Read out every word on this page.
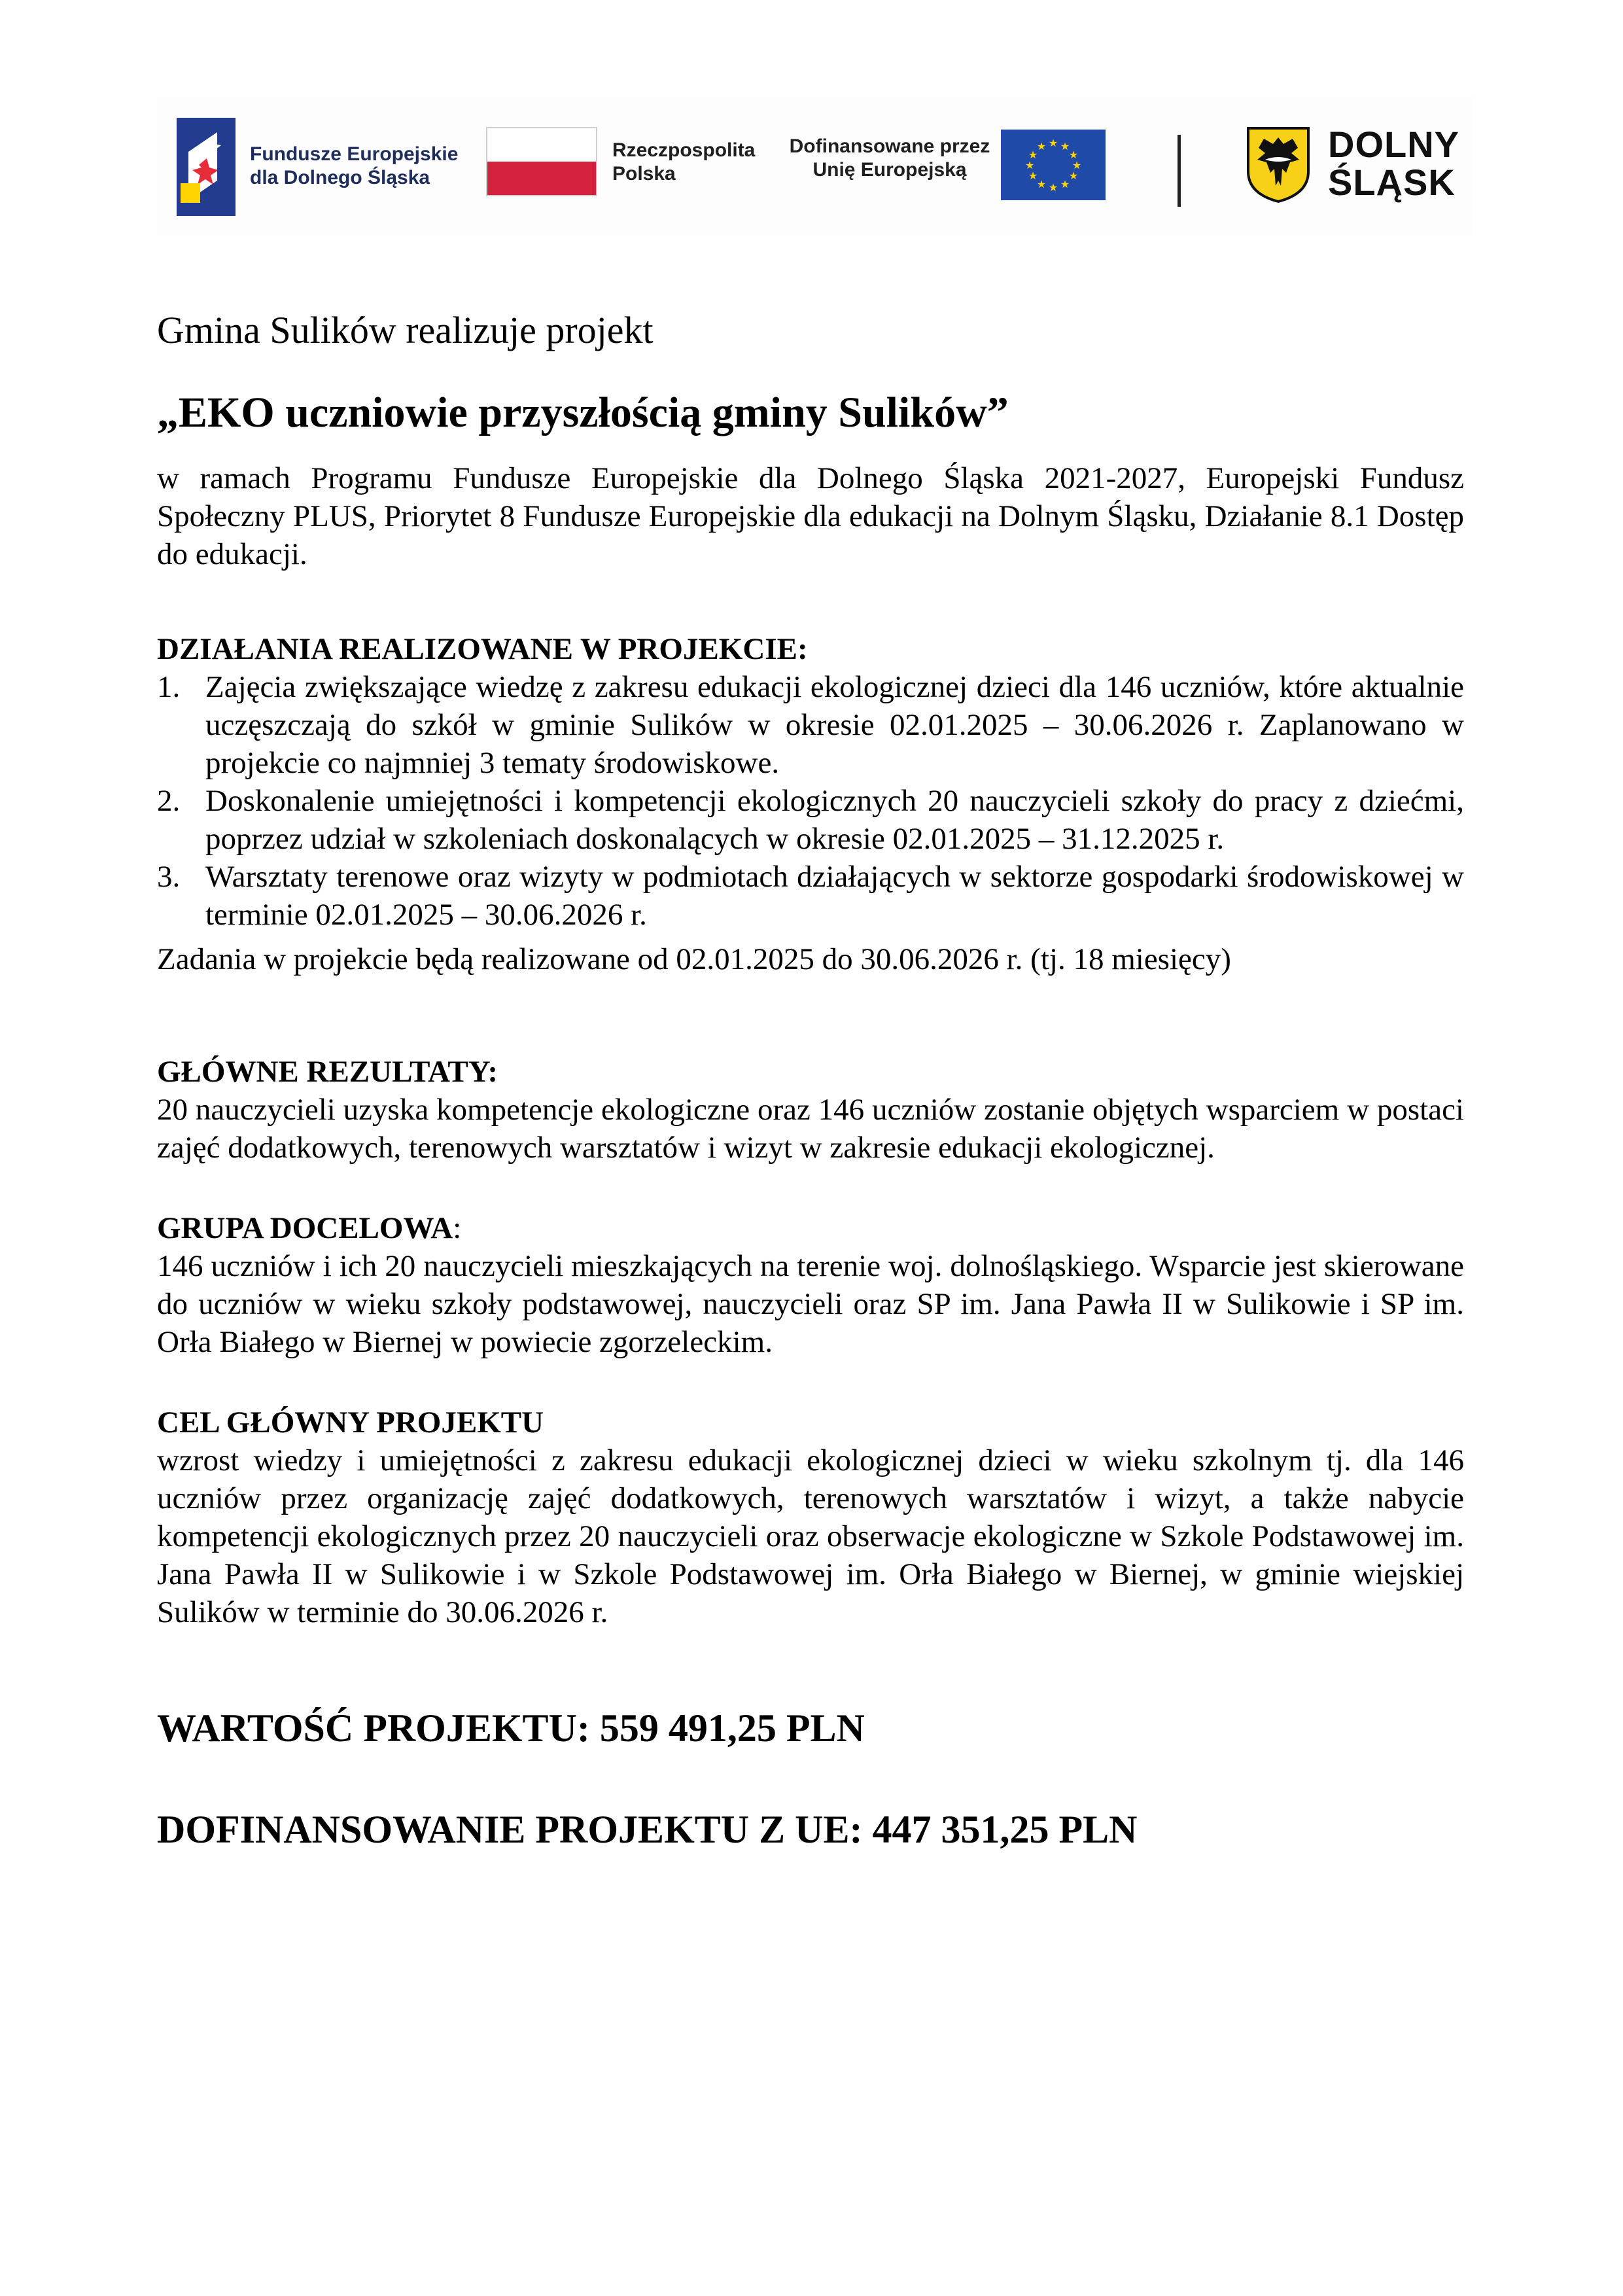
Fundusze Europejskie
dla Dolnego Śląska
Rzeczpospolita
Polska
Dofinansowane przez
Unię Europejską
★ ★
★
★
★
★
★
★
★
★
★
★	DOLNY
ŚLĄSK

Gmina Sulików realizuje projekt

„EKO uczniowie przyszłością gminy Sulików”

w ramach Programu Fundusze Europejskie dla Dolnego Śląska 2021-2027, Europejski Fundusz Społeczny PLUS, Priorytet 8 Fundusze Europejskie dla edukacji na Dolnym Śląsku, Działanie 8.1 Dostęp do edukacji.

DZIAŁANIA REALIZOWANE W PROJEKCIE:

1. Zajęcia zwiększające wiedzę z zakresu edukacji ekologicznej dzieci dla 146 uczniów, które aktualnie uczęszczają do szkół w gminie Sulików w okresie 02.01.2025 – 30.06.2026 r. Zaplanowano w projekcie co najmniej 3 tematy środowiskowe.
2. Doskonalenie umiejętności i kompetencji ekologicznych 20 nauczycieli szkoły do pracy z dziećmi, poprzez udział w szkoleniach doskonalących w okresie 02.01.2025 – 31.12.2025 r.
3. Warsztaty terenowe oraz wizyty w podmiotach działających w sektorze gospodarki środowiskowej w terminie 02.01.2025 – 30.06.2026 r.

Zadania w projekcie będą realizowane od 02.01.2025 do 30.06.2026 r. (tj. 18 miesięcy)

GŁÓWNE REZULTATY:

20 nauczycieli uzyska kompetencje ekologiczne oraz 146 uczniów zostanie objętych wsparciem w postaci zajęć dodatkowych, terenowych warsztatów i wizyt w zakresie edukacji ekologicznej.

GRUPA DOCELOWA:

146 uczniów i ich 20 nauczycieli mieszkających na terenie woj. dolnośląskiego. Wsparcie jest skierowane do uczniów w wieku szkoły podstawowej, nauczycieli oraz SP im. Jana Pawła II w Sulikowie i SP im. Orła Białego w Biernej w powiecie zgorzeleckim.

CEL GŁÓWNY PROJEKTU

wzrost wiedzy i umiejętności z zakresu edukacji ekologicznej dzieci w wieku szkolnym tj. dla 146 uczniów przez organizację zajęć dodatkowych, terenowych warsztatów i wizyt, a także nabycie kompetencji ekologicznych przez 20 nauczycieli oraz obserwacje ekologiczne w Szkole Podstawowej im. Jana Pawła II w Sulikowie i w Szkole Podstawowej im. Orła Białego w Biernej, w gminie wiejskiej Sulików w terminie do 30.06.2026 r.

WARTOŚĆ PROJEKTU: 559 491,25 PLN

DOFINANSOWANIE PROJEKTU Z UE: 447 351,25 PLN
